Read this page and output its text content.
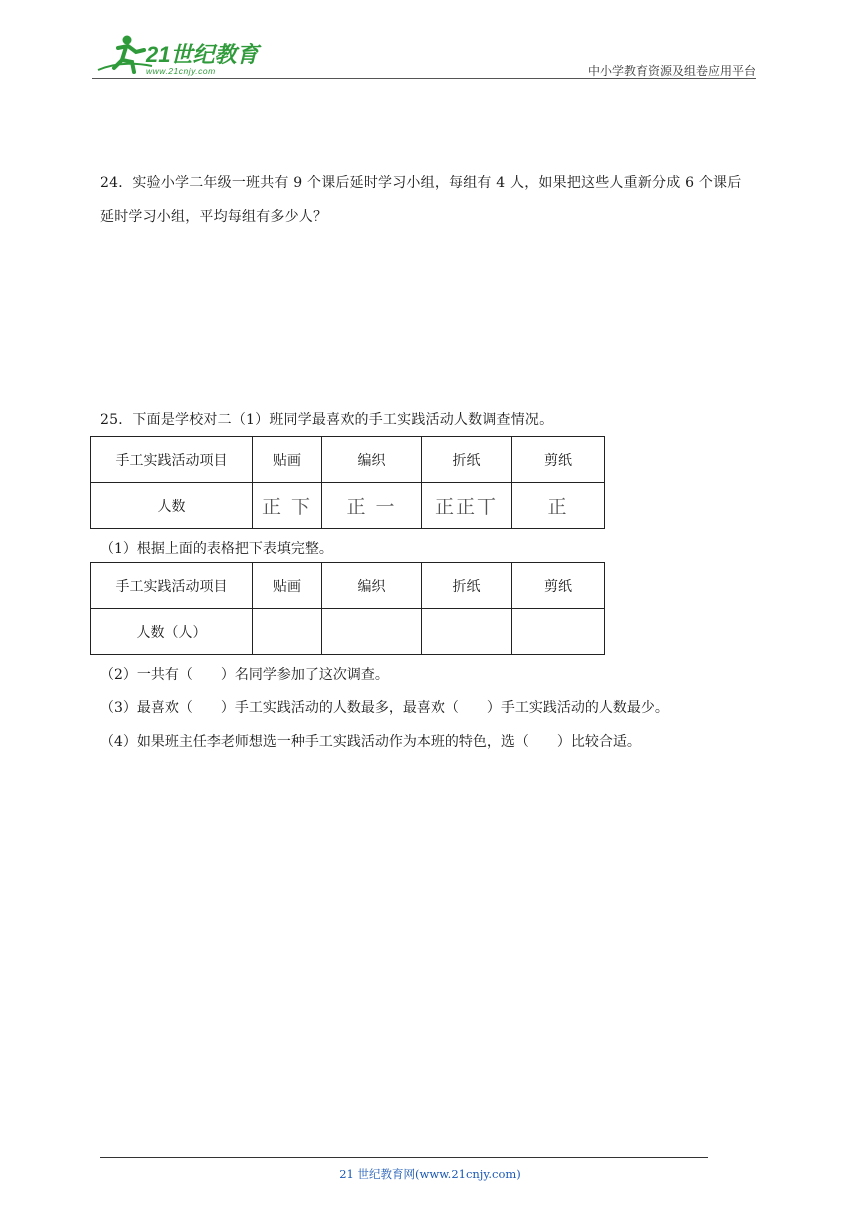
21世纪教育
www.21cnjy.com	中小学教育资源及组卷应用平台
24．实验小学二年级一班共有 9 个课后延时学习小组，每组有 4 人，如果把这些人重新分成 6 个课后
延时学习小组，平均每组有多少人？
25．下面是学校对二（1）班同学最喜欢的手工实践活动人数调查情况。
手工实践活动项目	贴画	编织	折纸	剪纸
人数	正 下	正 一	正正丅	正
（1）根据上面的表格把下表填完整。
手工实践活动项目	贴画	编织	折纸	剪纸
人数（人）				
（2）一共有（　　）名同学参加了这次调查。
（3）最喜欢（　　）手工实践活动的人数最多，最喜欢（　　）手工实践活动的人数最少。
（4）如果班主任李老师想选一种手工实践活动作为本班的特色，选（　　）比较合适。
21 世纪教育网(www.21cnjy.com)
